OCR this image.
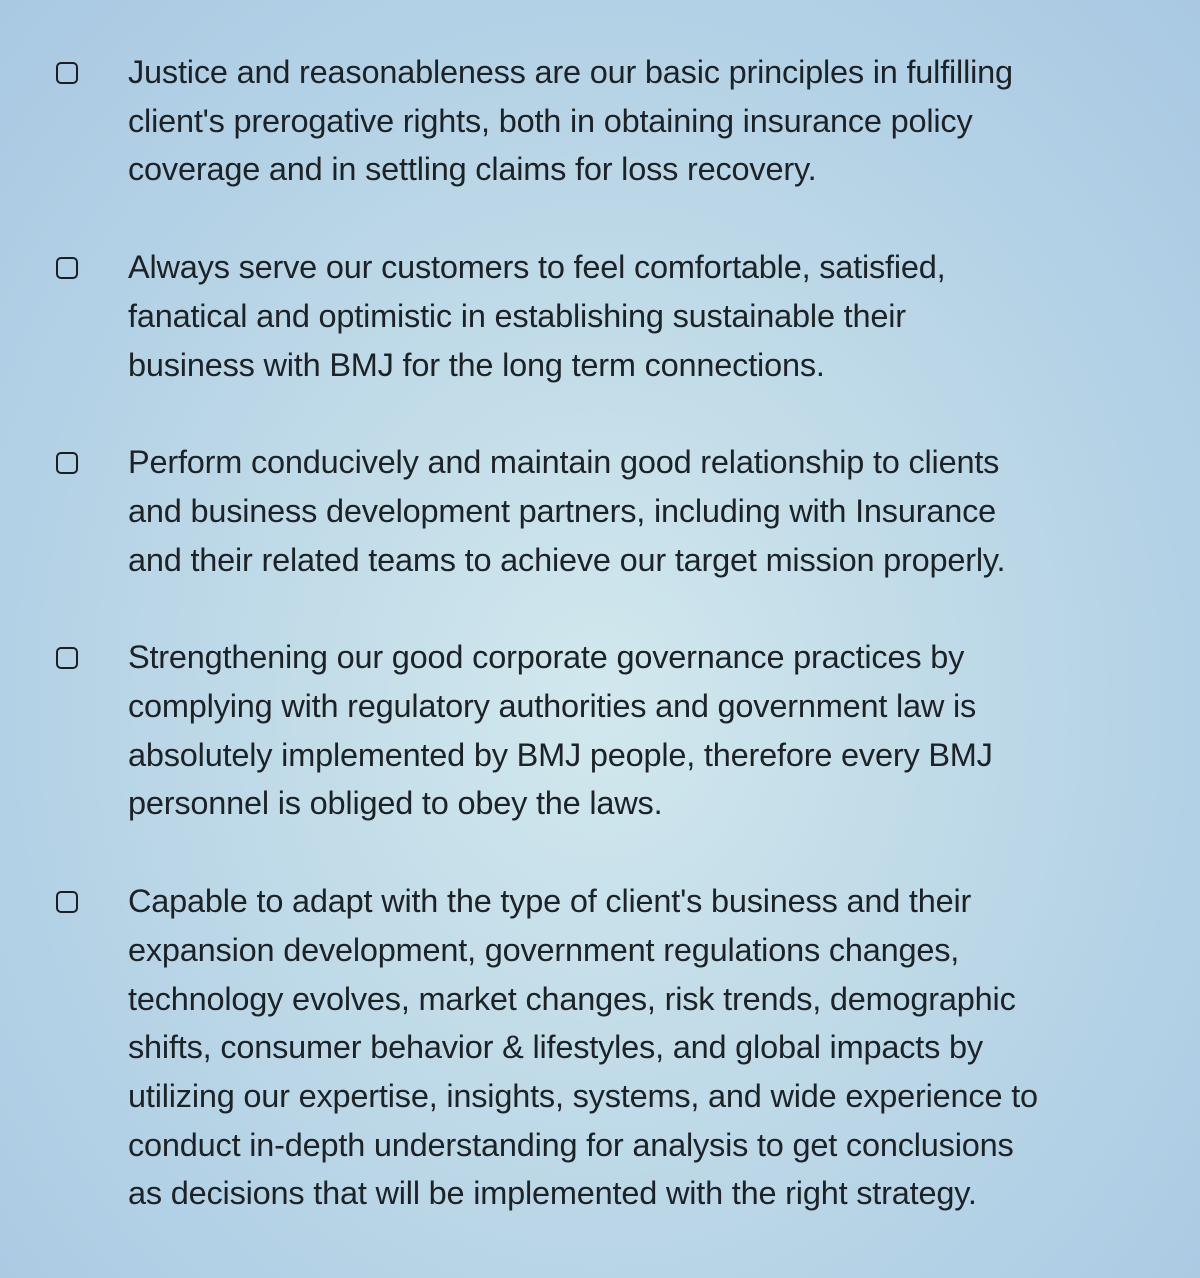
Justice and reasonableness are our basic principles in fulfilling
client's prerogative rights, both in obtaining insurance policy
coverage and in settling claims for loss recovery.
Always serve our customers to feel comfortable, satisfied,
fanatical and optimistic in establishing sustainable their
business with BMJ for the long term connections.
Perform conducively and maintain good relationship to clients
and business development partners, including with Insurance
and their related teams to achieve our target mission properly.
Strengthening our good corporate governance practices by
complying with regulatory authorities and government law is
absolutely implemented by BMJ people, therefore every BMJ
personnel is obliged to obey the laws.
Capable to adapt with the type of client's business and their
expansion development, government regulations changes,
technology evolves, market changes, risk trends, demographic
shifts, consumer behavior & lifestyles, and global impacts by
utilizing our expertise, insights, systems, and wide experience to
conduct in-depth understanding for analysis to get conclusions
as decisions that will be implemented with the right strategy.
